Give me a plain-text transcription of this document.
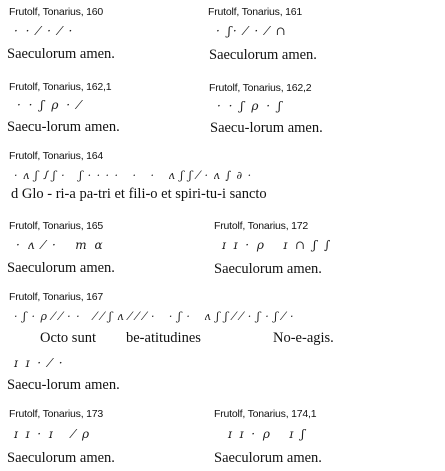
Frutolf, Tonarius, 160
· · ⁄ · ⁄ ·
Saeculorum amen.
Frutolf, Tonarius, 161
· ʃ· ⁄ · ⁄ ∩
Saeculorum amen.
Frutolf, Tonarius, 162,1
· · ʃ ρ · ⁄
Saecu-lorum amen.
Frutolf, Tonarius, 162,2
· · ʃ ρ · ʃ
Saecu-lorum amen.
Frutolf, Tonarius, 164
· ʌ ʃ ꭍ ʃ ·   ʃ · · · ·   ·   ·   ʌ ʃ ʃ ⁄ · ʌ ∫ ∂ ·
d Glo - ri-a pa-tri et fili-o et spiri-tu-i sancto
Frutolf, Tonarius, 165
· ʌ ⁄ ·   m ɑ
Saeculorum amen.
Frutolf, Tonarius, 172
ɪ ɪ · ρ   ɪ ∩ ʃ ∫
Saeculorum amen.
Frutolf, Tonarius, 167
· ʃ · ρ ⁄ ⁄ · ·   ⁄ ⁄ ʃ ʌ ⁄ ⁄ ⁄ ·   · ʃ ·   ʌ ʃ ʃ ⁄ ⁄ · ʃ · ʃ ⁄ ·
Octo sunt be-atitudines	No-e-agis.
ɪ ɪ · ⁄ ·
Saecu-lorum amen.
Frutolf, Tonarius, 173
ɪ ɪ · ɪ   ⁄ ρ
Saeculorum amen.
Frutolf, Tonarius, 174,1
ɪ ɪ · ρ   ɪ ʃ
Saeculorum amen.
